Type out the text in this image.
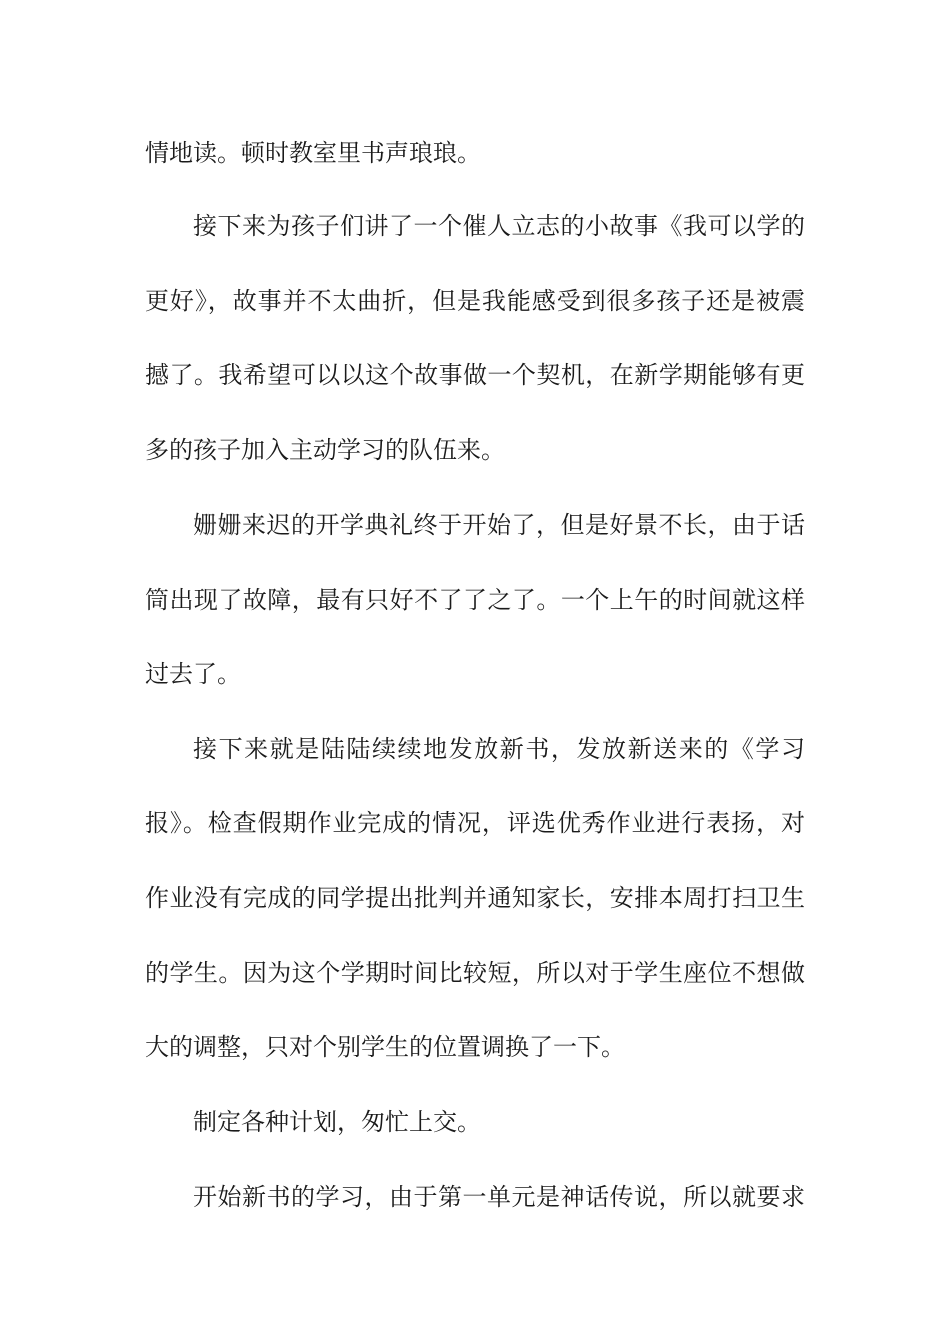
情地读。顿时教室里书声琅琅。
接下来为孩子们讲了一个催人立志的小故事《我可以学的
更好》，故事并不太曲折，但是我能感受到很多孩子还是被震
撼了。我希望可以以这个故事做一个契机，在新学期能够有更
多的孩子加入主动学习的队伍来。
姗姗来迟的开学典礼终于开始了，但是好景不长，由于话
筒出现了故障，最有只好不了了之了。一个上午的时间就这样
过去了。
接下来就是陆陆续续地发放新书，发放新送来的《学习
报》。检查假期作业完成的情况，评选优秀作业进行表扬，对
作业没有完成的同学提出批判并通知家长，安排本周打扫卫生
的学生。因为这个学期时间比较短，所以对于学生座位不想做
大的调整，只对个别学生的位置调换了一下。
制定各种计划，匆忙上交。
开始新书的学习，由于第一单元是神话传说，所以就要求
